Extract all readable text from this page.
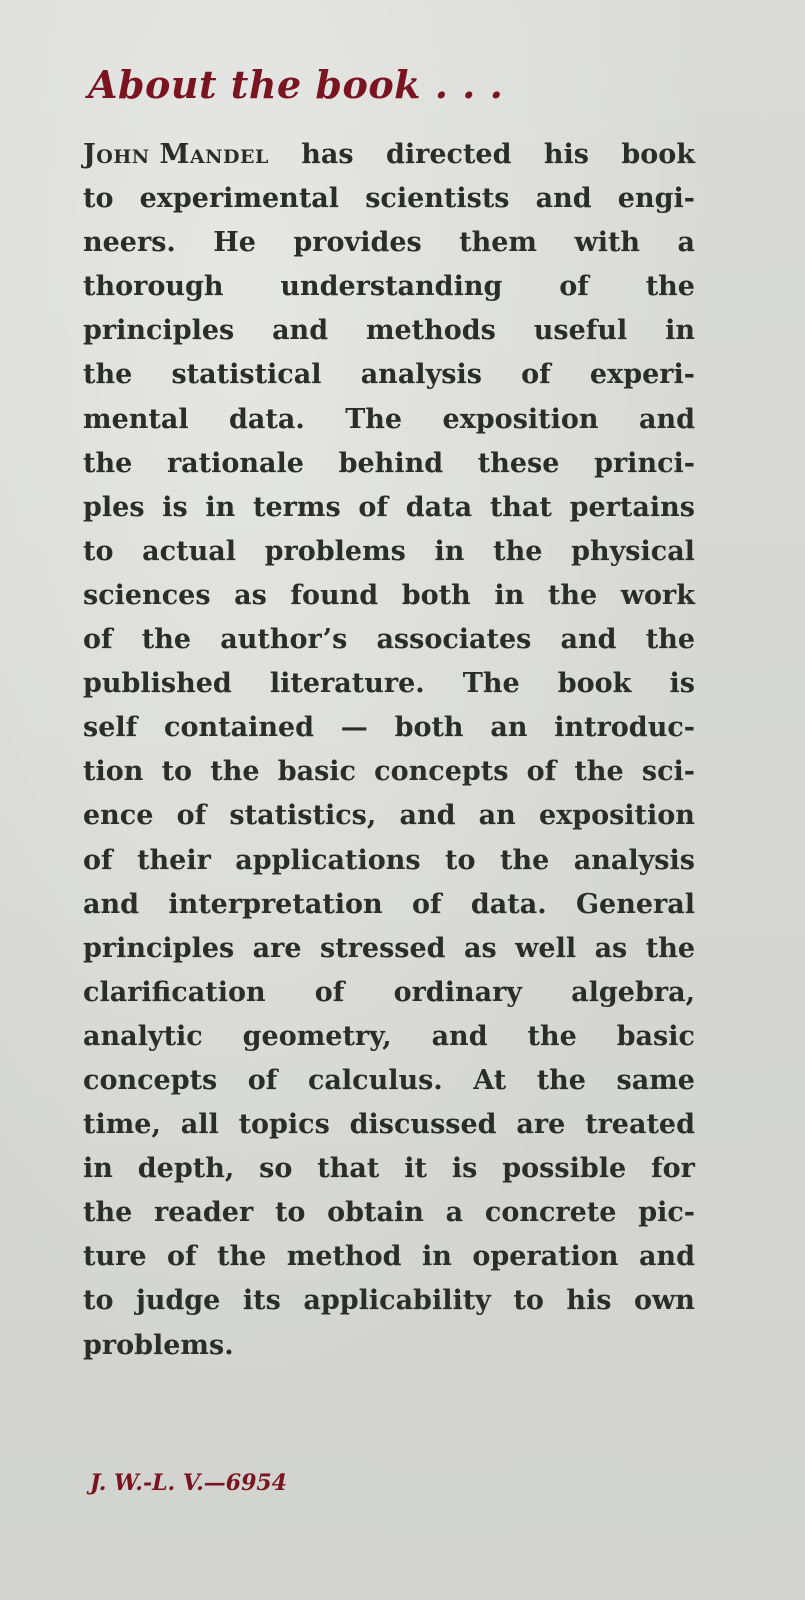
About the book . . .
John Mandel has directed his book
to experimental scientists and engi-
neers. He provides them with a
thorough understanding of the
principles and methods useful in
the statistical analysis of experi-
mental data. The exposition and
the rationale behind these princi-
ples is in terms of data that pertains
to actual problems in the physical
sciences as found both in the work
of the author’s associates and the
published literature. The book is
self contained — both an introduc-
tion to the basic concepts of the sci-
ence of statistics, and an exposition
of their applications to the analysis
and interpretation of data. General
principles are stressed as well as the
clarification of ordinary algebra,
analytic geometry, and the basic
concepts of calculus. At the same
time, all topics discussed are treated
in depth, so that it is possible for
the reader to obtain a concrete pic-
ture of the method in operation and
to judge its applicability to his own
problems.

J. W.-L. V.—6954
